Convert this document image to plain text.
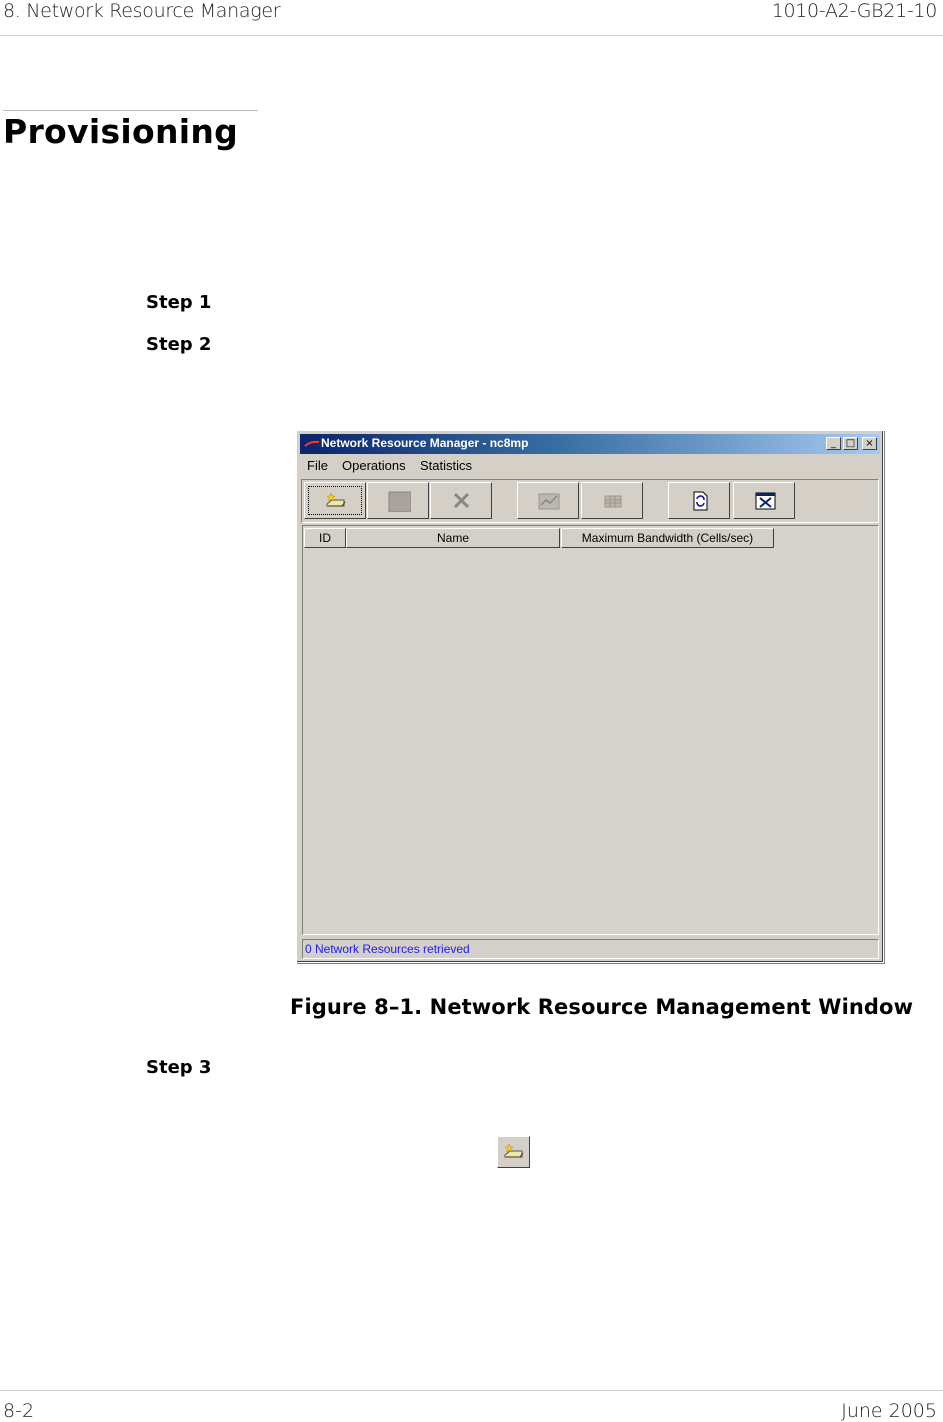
8. Network Resource Manager	1010-A2-GB21-10
Provisioning
Step 1
Step 2
Network Resource Manager - nc8mp	_ □	×
File Operations Statistics
ID	Name	Maximum Bandwidth (Cells/sec)
0 Network Resources retrieved
Figure 8–1. Network Resource Management Window
Step 3
8-2	June 2005
